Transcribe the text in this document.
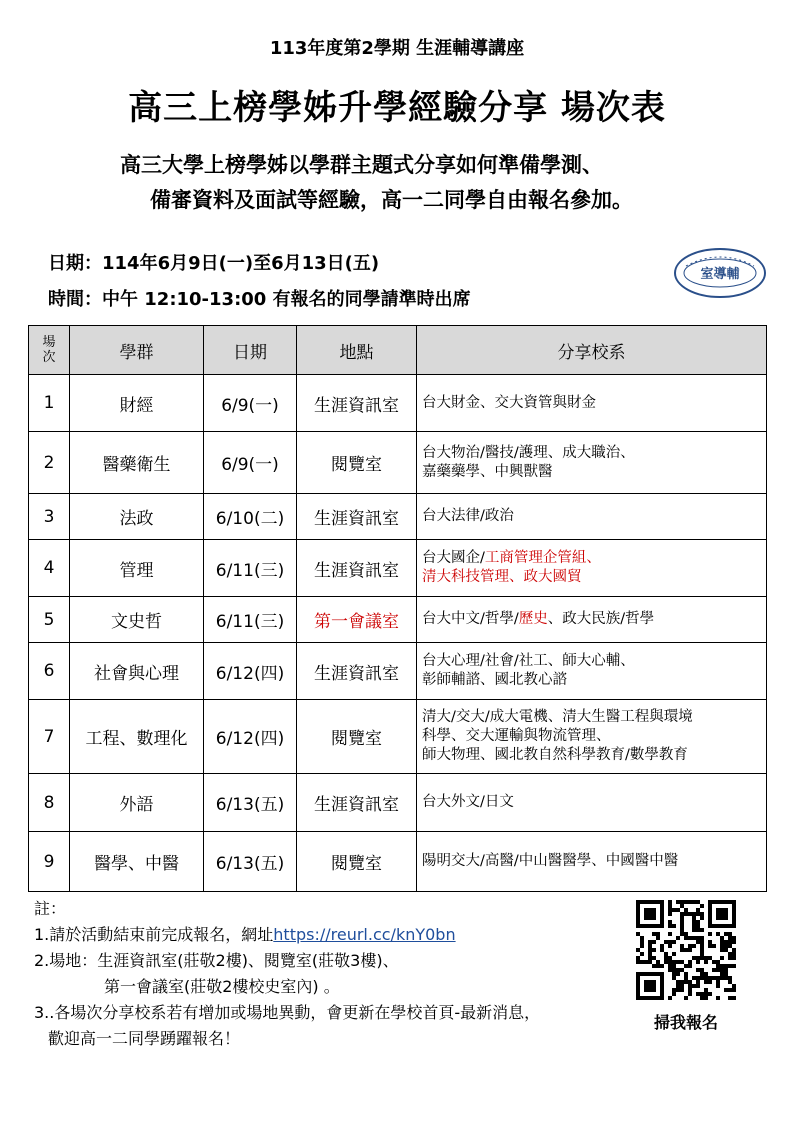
113年度第2學期 生涯輔導講座
高三上榜學姊升學經驗分享 場次表
高三大學上榜學姊以學群主題式分享如何準備學測、
備審資料及面試等經驗，高一二同學自由報名參加。
日期：114年6月9日(一)至6月13日(五)
時間：中午 12:10-13:00 有報名的同學請準時出席
室導輔
場
次	學群	日期	地點	分享校系
1	財經	6/9(一)	生涯資訊室	台大財金、交大資管與財金

2	醫藥衛生	6/9(一)	閱覽室	台大物治/醫技/護理、成大職治、
嘉藥藥學、中興獸醫

3	法政	6/10(二)	生涯資訊室	台大法律/政治

4	管理	6/11(三)	生涯資訊室	台大國企/工商管理企管組、
清大科技管理、政大國貿

5	文史哲	6/11(三)	第一會議室	台大中文/哲學/歷史、政大民族/哲學

6	社會與心理	6/12(四)	生涯資訊室	台大心理/社會/社工、師大心輔、
彰師輔諮、國北教心諮

7	工程、數理化	6/12(四)	閱覽室	清大/交大/成大電機、清大生醫工程與環境
科學、交大運輸與物流管理、
師大物理、國北教自然科學教育/數學教育

8	外語	6/13(五)	生涯資訊室	台大外文/日文

9	醫學、中醫	6/13(五)	閱覽室	陽明交大/高醫/中山醫醫學、中國醫中醫
註：
1.請於活動結束前完成報名，網址https://reurl.cc/knY0bn
2.場地：生涯資訊室(莊敬2樓)、閱覽室(莊敬3樓)、
第一會議室(莊敬2樓校史室內) 。
3..各場次分享校系若有增加或場地異動，會更新在學校首頁-最新消息，
歡迎高一二同學踴躍報名！
掃我報名
